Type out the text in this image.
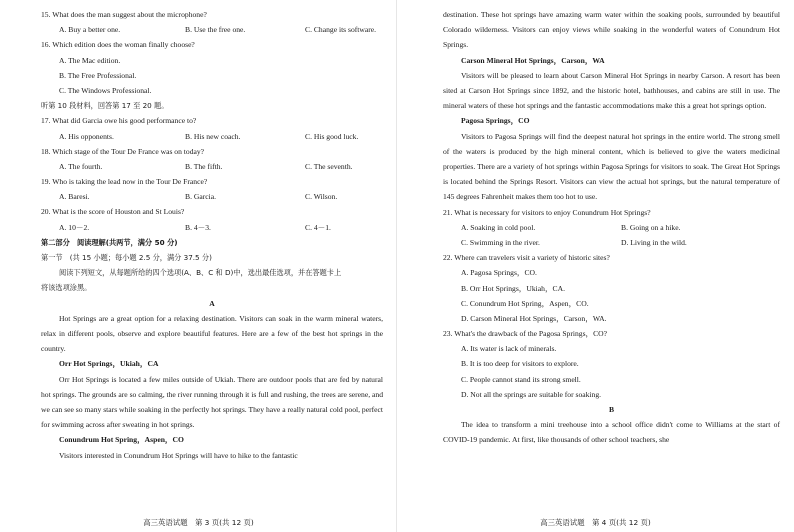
15. What does the man suggest about the microphone?
A. Buy a better one.	B. Use the free one.	C. Change its software.
16. Which edition does the woman finally choose?
A. The Mac edition.
B. The Free Professional.
C. The Windows Professional.
听第 10 段材料，回答第 17 至 20 题。
17. What did Garcia owe his good performance to?
A. His opponents.	B. His new coach.	C. His good luck.
18. Which stage of the Tour De France was on today?
A. The fourth.	B. The fifth.	C. The seventh.
19. Who is taking the lead now in the Tour De France?
A. Baresi.	B. Garcia.	C. Wilson.
20. What is the score of Houston and St Louis?
A. 10－2.	B. 4－3.	C. 4－1.
第二部分　阅读理解(共两节，满分 50 分)
第一节　(共 15 小题；每小题 2.5 分，满分 37.5 分)
阅读下列短文，从每题所给的四个选项(A、B、C 和 D)中，选出最佳选项，并在答题卡上
将该选项涂黑。
A
Hot Springs are a great option for a relaxing destination. Visitors can soak in the warm mineral waters, relax in different pools, observe and explore beautiful features. Here are a few of the best hot springs in the country.
Orr Hot Springs，Ukiah，CA
Orr Hot Springs is located a few miles outside of Ukiah. There are outdoor pools that are fed by natural hot springs. The grounds are so calming, the river running through it is full and rushing, the trees are serene, and we can see so many stars while soaking in the perfectly hot springs. They have a really natural cold pool, perfect for swimming across after sweating in hot springs.
Conundrum Hot Spring，Aspen，CO
Visitors interested in Conundrum Hot Springs will have to hike to the fantastic
destination. These hot springs have amazing warm water within the soaking pools, surrounded by beautiful Colorado wilderness. Visitors can enjoy views while soaking in the wonderful waters of Conundrum Hot Springs.
Carson Mineral Hot Springs，Carson，WA
Visitors will be pleased to learn about Carson Mineral Hot Springs in nearby Carson. A resort has been sited at Carson Hot Springs since 1892, and the historic hotel, bathhouses, and cabins are still in use. The mineral waters of these hot springs and the fantastic accommodations make this a great hot springs option.
Pagosa Springs，CO
Visitors to Pagosa Springs will find the deepest natural hot springs in the entire world. The strong smell of the waters is produced by the high mineral content, which is believed to give the waters medicinal properties. There are a variety of hot springs within Pagosa Springs for visitors to soak. The Great Hot Springs is located behind the Springs Resort. Visitors can view the actual hot springs, but the natural temperature of 145 degrees Fahrenheit makes them too hot to use.
21. What is necessary for visitors to enjoy Conundrum Hot Springs?
A. Soaking in cold pool.	B. Going on a hike.
C. Swimming in the river.	D. Living in the wild.
22. Where can travelers visit a variety of historic sites?
A. Pagosa Springs，CO.
B. Orr Hot Springs，Ukiah，CA.
C. Conundrum Hot Spring，Aspen，CO.
D. Carson Mineral Hot Springs，Carson，WA.
23. What's the drawback of the Pagosa Springs，CO?
A. Its water is lack of minerals.
B. It is too deep for visitors to explore.
C. People cannot stand its strong smell.
D. Not all the springs are suitable for soaking.
B
The idea to transform a mini treehouse into a school office didn't come to Williams at the start of COVID-19 pandemic. At first, like thousands of other school teachers, she
高三英语试题　第 3 页(共 12 页)	高三英语试题　第 4 页(共 12 页)
